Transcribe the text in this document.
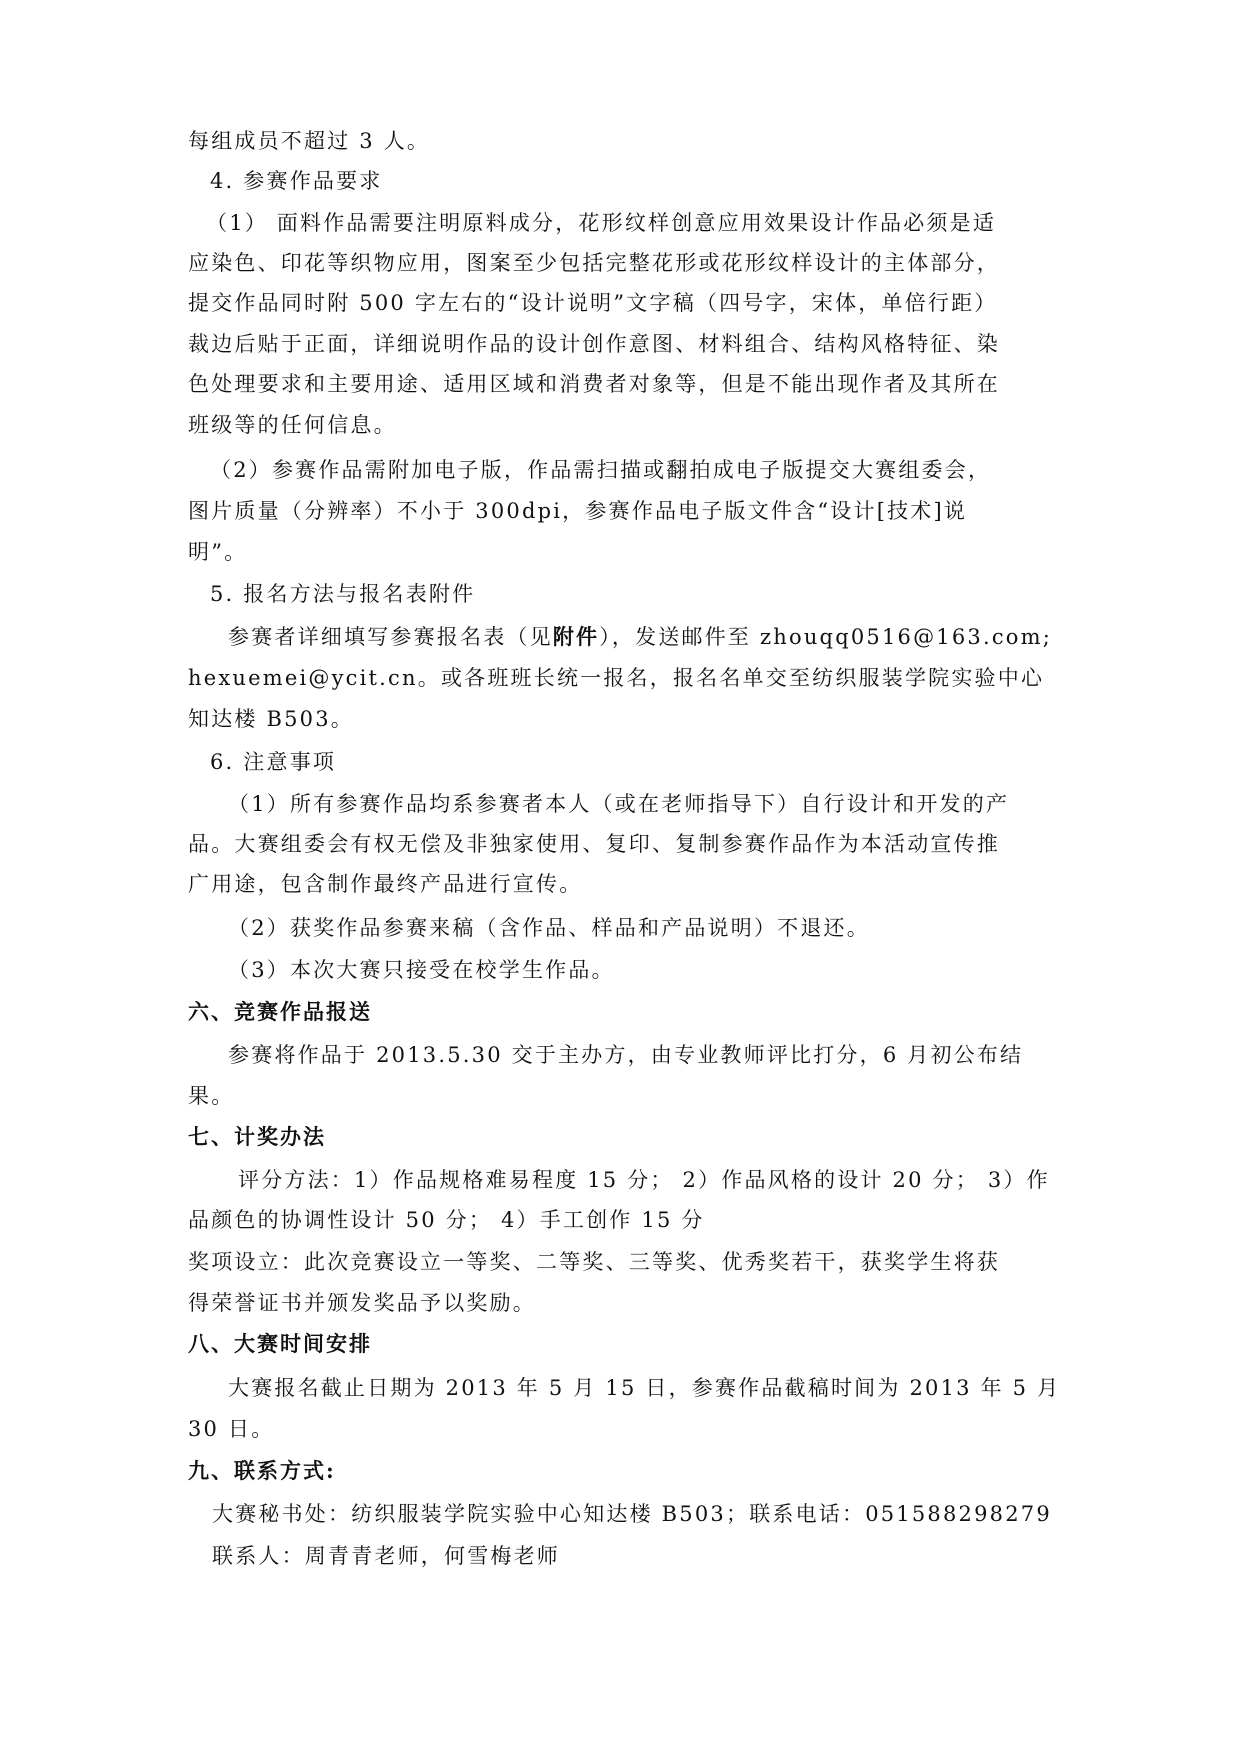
每组成员不超过 3 人。
4. 参赛作品要求
（1） 面料作品需要注明原料成分，花形纹样创意应用效果设计作品必须是适
应染色、印花等织物应用，图案至少包括完整花形或花形纹样设计的主体部分，
提交作品同时附 500 字左右的“设计说明”文字稿（四号字，宋体，单倍行距）
裁边后贴于正面，详细说明作品的设计创作意图、材料组合、结构风格特征、染
色处理要求和主要用途、适用区域和消费者对象等，但是不能出现作者及其所在
班级等的任何信息。
（2）参赛作品需附加电子版，作品需扫描或翻拍成电子版提交大赛组委会，
图片质量（分辨率）不小于 300dpi，参赛作品电子版文件含“设计[技术]说
明”。
5. 报名方法与报名表附件
参赛者详细填写参赛报名表（见附件），发送邮件至 zhouqq0516@163.com;
hexuemei@ycit.cn。或各班班长统一报名，报名名单交至纺织服装学院实验中心
知达楼 B503。
6. 注意事项
（1）所有参赛作品均系参赛者本人（或在老师指导下）自行设计和开发的产
品。大赛组委会有权无偿及非独家使用、复印、复制参赛作品作为本活动宣传推
广用途，包含制作最终产品进行宣传。
（2）获奖作品参赛来稿（含作品、样品和产品说明）不退还。
（3）本次大赛只接受在校学生作品。
六、竞赛作品报送
参赛将作品于 2013.5.30 交于主办方，由专业教师评比打分，6 月初公布结
果。
七、计奖办法
评分方法：1）作品规格难易程度 15 分； 2）作品风格的设计 20 分； 3）作
品颜色的协调性设计 50 分； 4）手工创作 15 分
奖项设立：此次竞赛设立一等奖、二等奖、三等奖、优秀奖若干，获奖学生将获
得荣誉证书并颁发奖品予以奖励。
八、大赛时间安排
大赛报名截止日期为 2013 年 5 月 15 日，参赛作品截稿时间为 2013 年 5 月
30 日。
九、联系方式:
大赛秘书处：纺织服装学院实验中心知达楼 B503；联系电话：051588298279
联系人：周青青老师，何雪梅老师
